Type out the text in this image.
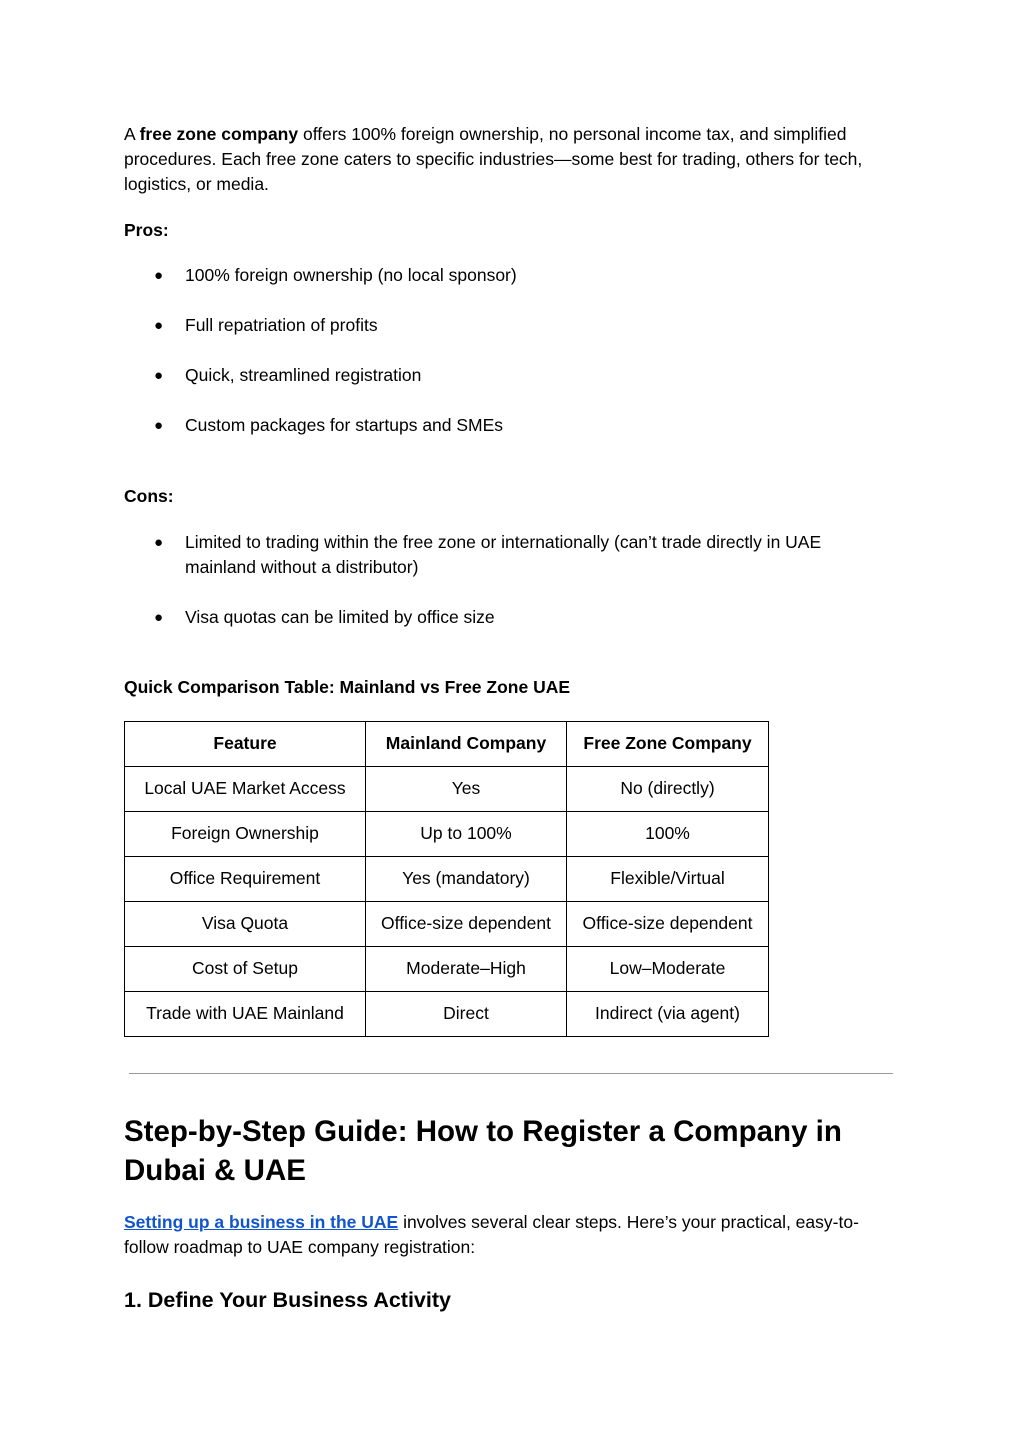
A free zone company offers 100% foreign ownership, no personal income tax, and simplified procedures. Each free zone caters to specific industries—some best for trading, others for tech, logistics, or media.

Pros:
● 100% foreign ownership (no local sponsor)
● Full repatriation of profits
● Quick, streamlined registration
● Custom packages for startups and SMEs
Cons:
● Limited to trading within the free zone or internationally (can’t trade directly in UAE mainland without a distributor)
● Visa quotas can be limited by office size
Quick Comparison Table: Mainland vs Free Zone UAE
Feature	Mainland Company	Free Zone Company
Local UAE Market Access	Yes	No (directly)
Foreign Ownership	Up to 100%	100%
Office Requirement	Yes (mandatory)	Flexible/Virtual
Visa Quota	Office-size dependent	Office-size dependent
Cost of Setup	Moderate–High	Low–Moderate
Trade with UAE Mainland	Direct	Indirect (via agent)
Step-by-Step Guide: How to Register a Company in Dubai & UAE

Setting up a business in the UAE involves several clear steps. Here’s your practical, easy-to-follow roadmap to UAE company registration:

1. Define Your Business Activity
